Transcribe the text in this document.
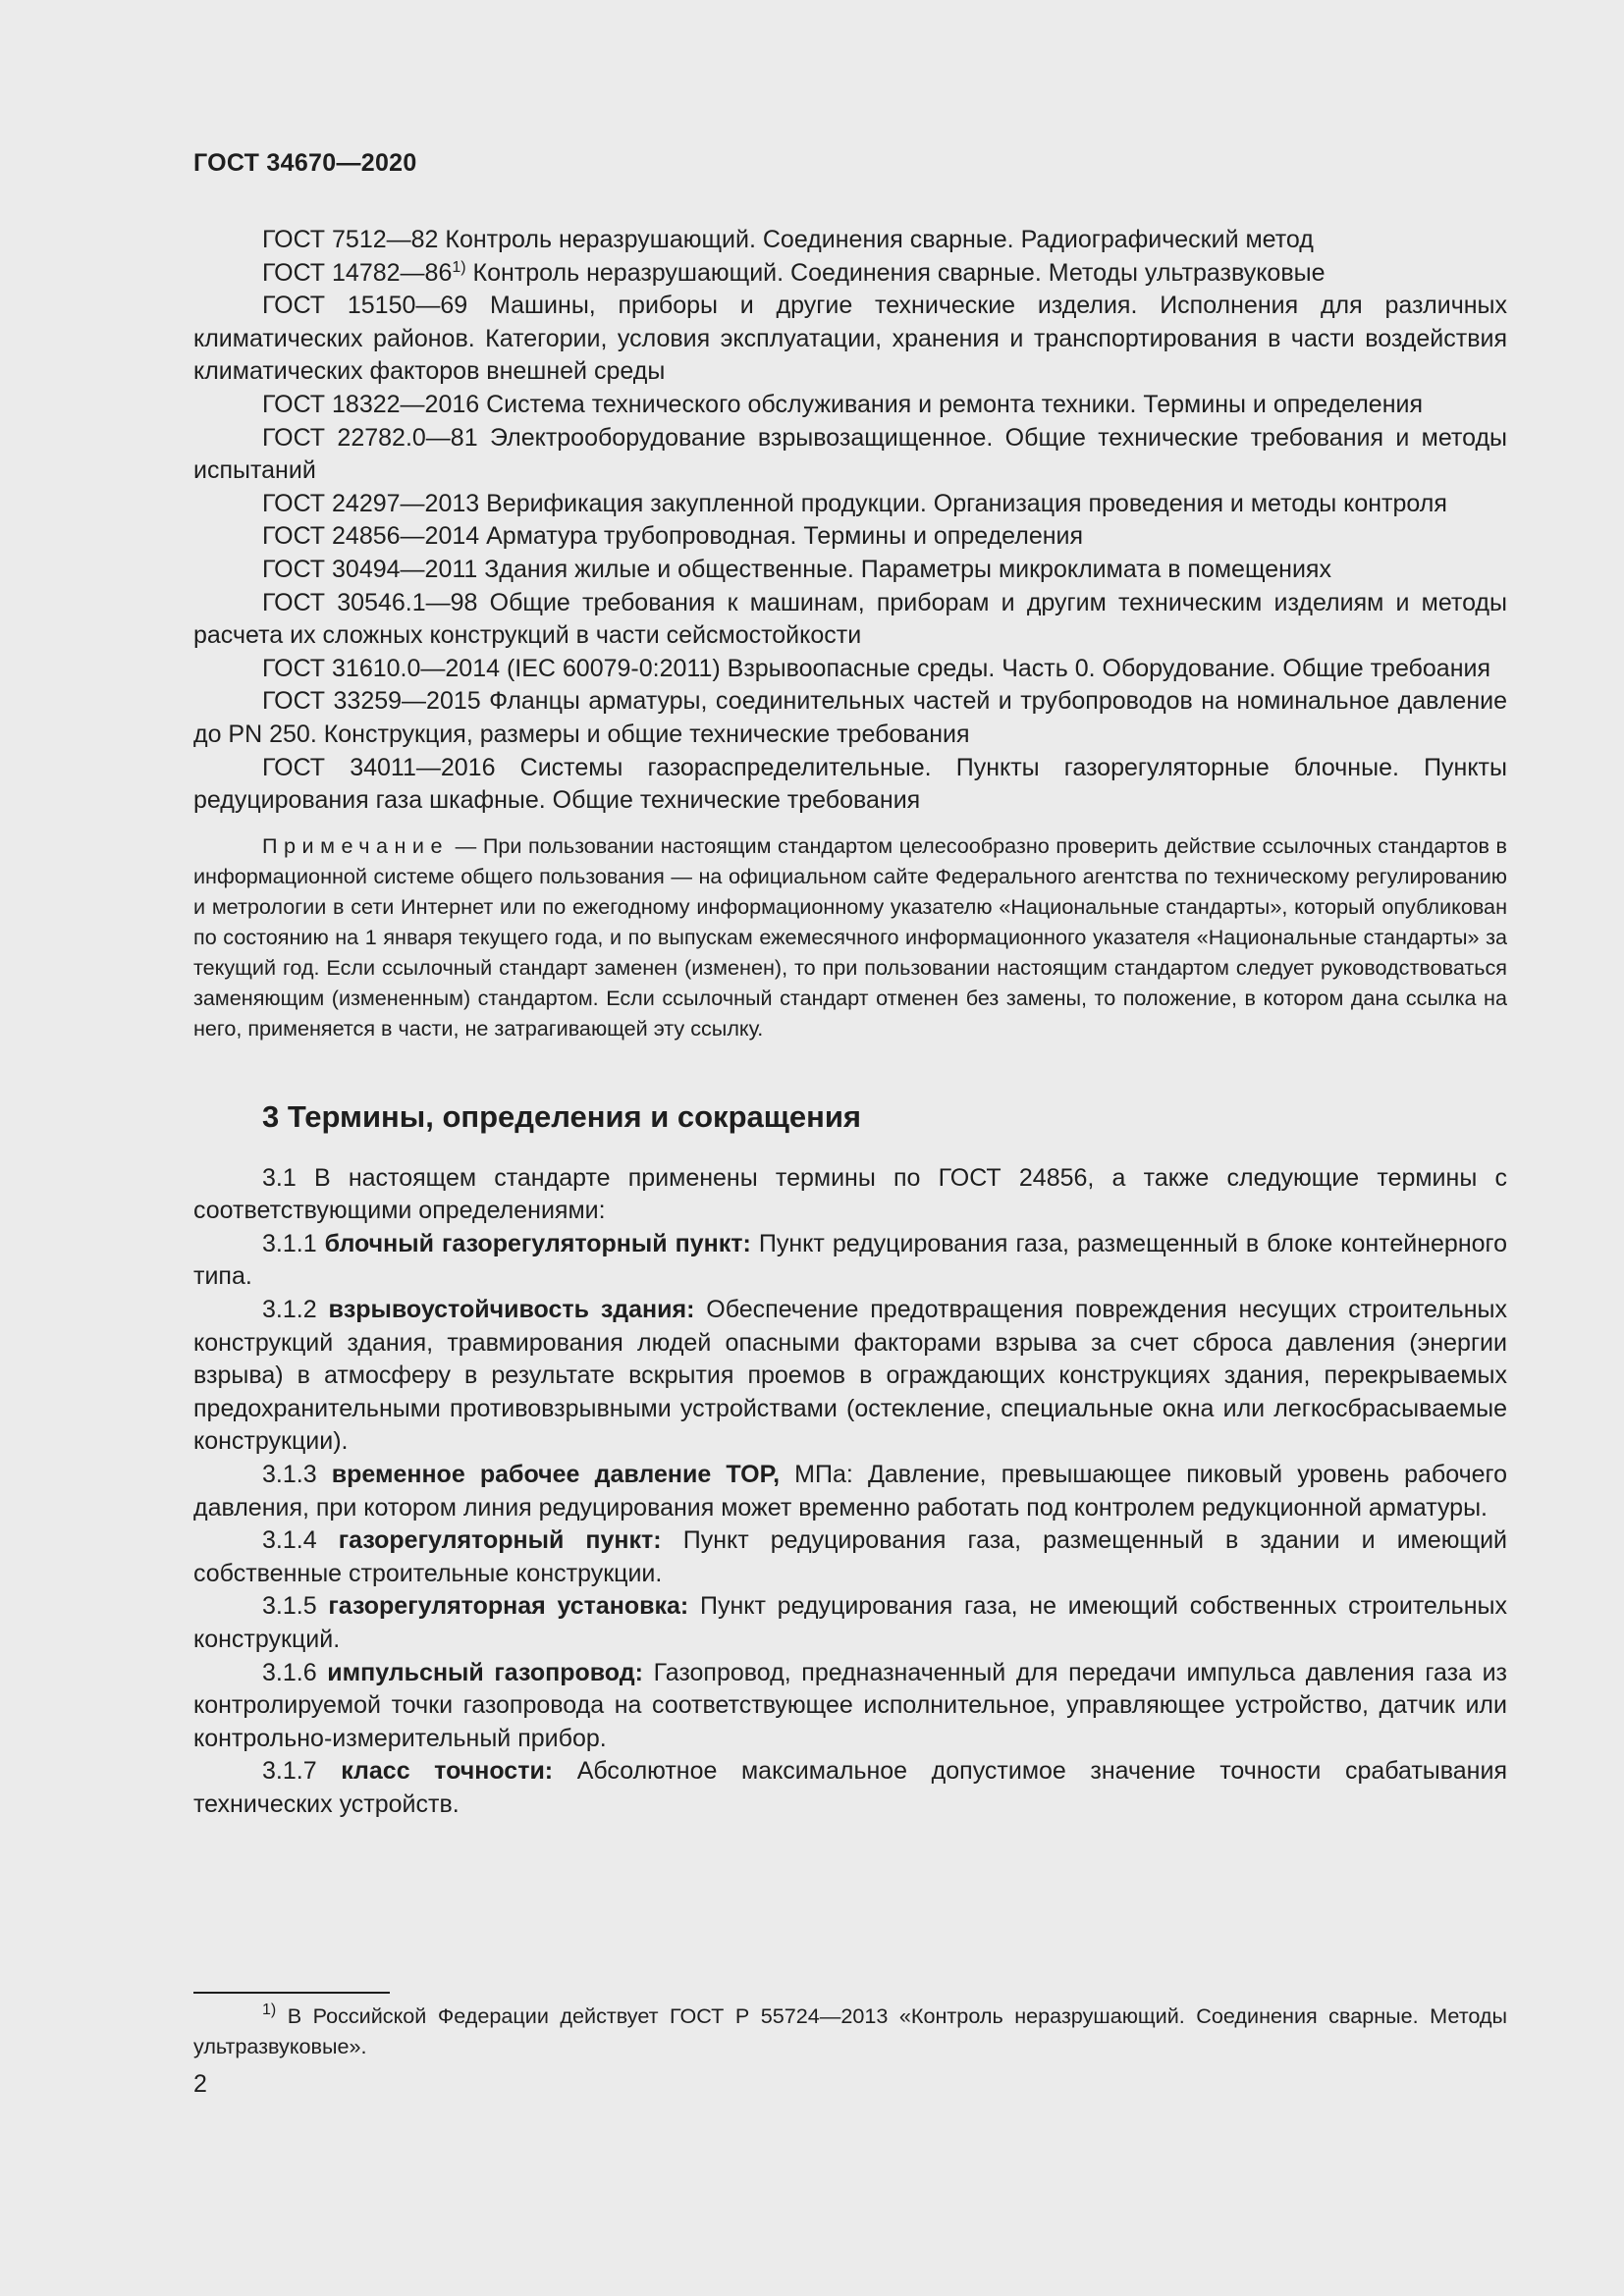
ГОСТ 34670—2020

ГОСТ 7512—82 Контроль неразрушающий. Соединения сварные. Радиографический метод

ГОСТ 14782—86$^{1)}$ Контроль неразрушающий. Соединения сварные. Методы ультразвуковые

ГОСТ 15150—69 Машины, приборы и другие технические изделия. Исполнения для различных климатических районов. Категории, условия эксплуатации, хранения и транспортирования в части воздействия климатических факторов внешней среды

ГОСТ 18322—2016 Система технического обслуживания и ремонта техники. Термины и определения

ГОСТ 22782.0—81 Электрооборудование взрывозащищенное. Общие технические требования и методы испытаний

ГОСТ 24297—2013 Верификация закупленной продукции. Организация проведения и методы контроля

ГОСТ 24856—2014 Арматура трубопроводная. Термины и определения

ГОСТ 30494—2011 Здания жилые и общественные. Параметры микроклимата в помещениях

ГОСТ 30546.1—98 Общие требования к машинам, приборам и другим техническим изделиям и методы расчета их сложных конструкций в части сейсмостойкости

ГОСТ 31610.0—2014 (IEC 60079-0:2011) Взрывоопасные среды. Часть 0. Оборудование. Общие требоания

ГОСТ 33259—2015 Фланцы арматуры, соединительных частей и трубопроводов на номинальное давление до PN 250. Конструкция, размеры и общие технические требования

ГОСТ 34011—2016 Системы газораспределительные. Пункты газорегуляторные блочные. Пункты редуцирования газа шкафные. Общие технические требования

Примечание — При пользовании настоящим стандартом целесообразно проверить действие ссылочных стандартов в информационной системе общего пользования — на официальном сайте Федерального агентства по техническому регулированию и метрологии в сети Интернет или по ежегодному информационному указателю «Национальные стандарты», который опубликован по состоянию на 1 января текущего года, и по выпускам ежемесячного информационного указателя «Национальные стандарты» за текущий год. Если ссылочный стандарт заменен (изменен), то при пользовании настоящим стандартом следует руководствоваться заменяющим (измененным) стандартом. Если ссылочный стандарт отменен без замены, то положение, в котором дана ссылка на него, применяется в части, не затрагивающей эту ссылку.

3 Термины, определения и сокращения

3.1 В настоящем стандарте применены термины по ГОСТ 24856, а также следующие термины с соответствующими определениями:

3.1.1 блочный газорегуляторный пункт: Пункт редуцирования газа, размещенный в блоке контейнерного типа.

3.1.2 взрывоустойчивость здания: Обеспечение предотвращения повреждения несущих строительных конструкций здания, травмирования людей опасными факторами взрыва за счет сброса давления (энергии взрыва) в атмосферу в результате вскрытия проемов в ограждающих конструкциях здания, перекрываемых предохранительными противовзрывными устройствами (остекление, специальные окна или легкосбрасываемые конструкции).

3.1.3 временное рабочее давление TOP, МПа: Давление, превышающее пиковый уровень рабочего давления, при котором линия редуцирования может временно работать под контролем редукционной арматуры.

3.1.4 газорегуляторный пункт: Пункт редуцирования газа, размещенный в здании и имеющий собственные строительные конструкции.

3.1.5 газорегуляторная установка: Пункт редуцирования газа, не имеющий собственных строительных конструкций.

3.1.6 импульсный газопровод: Газопровод, предназначенный для передачи импульса давления газа из контролируемой точки газопровода на соответствующее исполнительное, управляющее устройство, датчик или контрольно-измерительный прибор.

3.1.7 класс точности: Абсолютное максимальное допустимое значение точности срабатывания технических устройств.

$^{1)}$ В Российской Федерации действует ГОСТ Р 55724—2013 «Контроль неразрушающий. Соединения сварные. Методы ультразвуковые».

2
